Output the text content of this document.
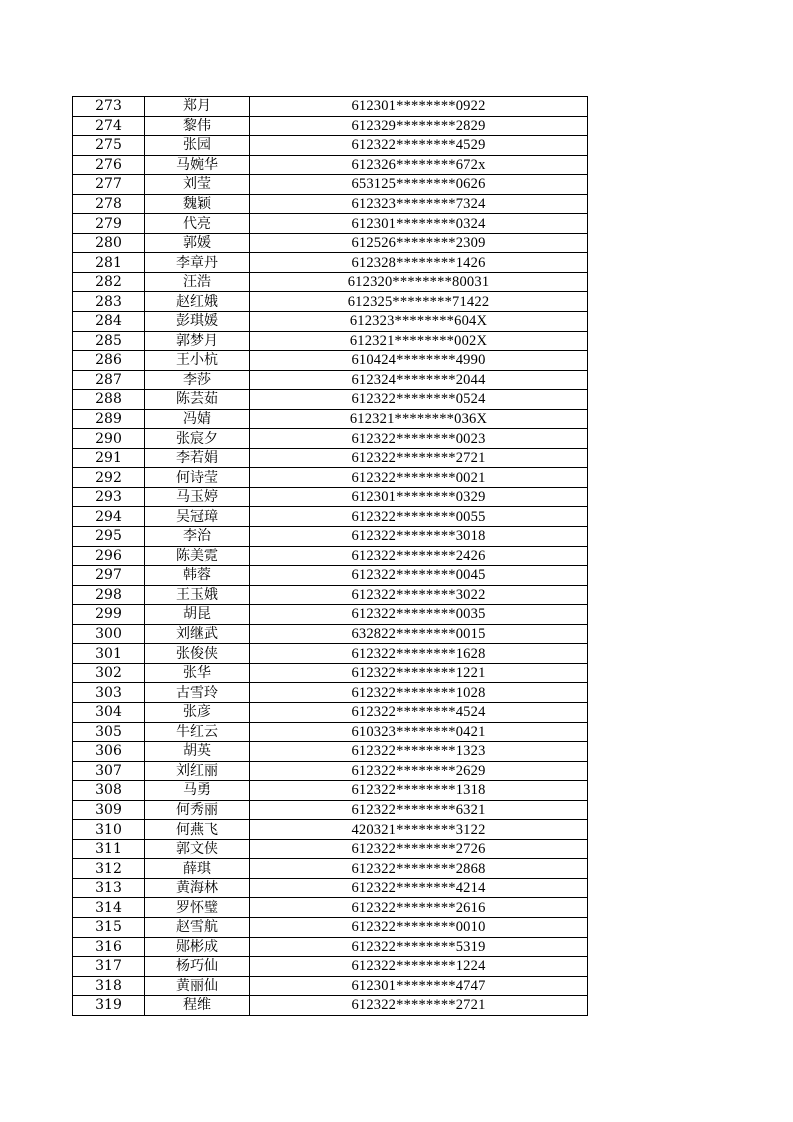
273	郑月	612301********0922
274	黎伟	612329********2829
275	张园	612322********4529
276	马婉华	612326********672x
277	刘莹	653125********0626
278	魏颖	612323********7324
279	代亮	612301********0324
280	郭媛	612526********2309
281	李章丹	612328********1426
282	汪浩	612320********80031
283	赵红娥	612325********71422
284	彭琪媛	612323********604X
285	郭梦月	612321********002X
286	王小杭	610424********4990
287	李莎	612324********2044
288	陈芸茹	612322********0524
289	冯婧	612321********036X
290	张宸夕	612322********0023
291	李若娟	612322********2721
292	何诗莹	612322********0021
293	马玉婷	612301********0329
294	吴冠璋	612322********0055
295	李治	612322********3018
296	陈美霓	612322********2426
297	韩蓉	612322********0045
298	王玉娥	612322********3022
299	胡昆	612322********0035
300	刘继武	632822********0015
301	张俊侠	612322********1628
302	张华	612322********1221
303	古雪玲	612322********1028
304	张彦	612322********4524
305	牛红云	610323********0421
306	胡英	612322********1323
307	刘红丽	612322********2629
308	马勇	612322********1318
309	何秀丽	612322********6321
310	何燕飞	420321********3122
311	郭文侠	612322********2726
312	薛琪	612322********2868
313	黄海林	612322********4214
314	罗怀璧	612322********2616
315	赵雪航	612322********0010
316	郧彬成	612322********5319
317	杨巧仙	612322********1224
318	黄丽仙	612301********4747
319	程维	612322********2721
